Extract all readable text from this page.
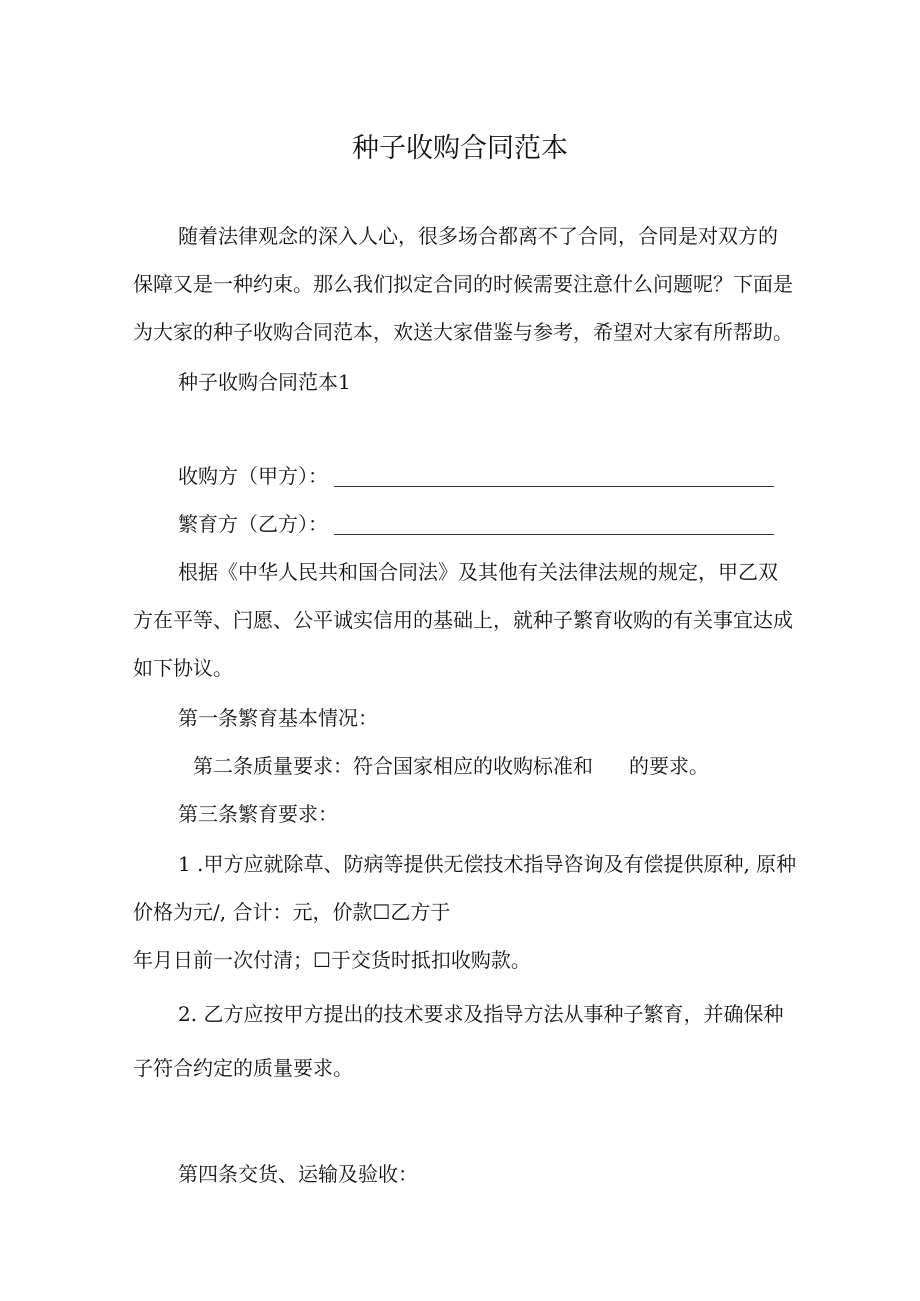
种子收购合同范本
随着法律观念的深入人心，很多场合都离不了合同，合同是对双方的
保障又是一种约束。那么我们拟定合同的时候需要注意什么问题呢？下面是
为大家的种子收购合同范本，欢送大家借鉴与参考，希望对大家有所帮助。
种子收购合同范本1
收购方（甲方）：
繁育方（乙方）：
根据《中华人民共和国合同法》及其他有关法律法规的规定，甲乙双
方在平等、闩愿、公平诚实信用的基础上，就种子繁育收购的有关事宜达成
如下协议。
第一条繁育基本情况：
第二条质量要求：符合国家相应的收购标准和 的要求。
第三条繁育要求：
1 .甲方应就除草、防病等提供无偿技术指导咨询及有偿提供原种, 原种
价格为元/, 合计：元，价款☐乙方于
年月日前一次付清；☐于交货时抵扣收购款。
2. 乙方应按甲方提出的技术要求及指导方法从事种子繁育，并确保种
子符合约定的质量要求。
第四条交货、运输及验收：
